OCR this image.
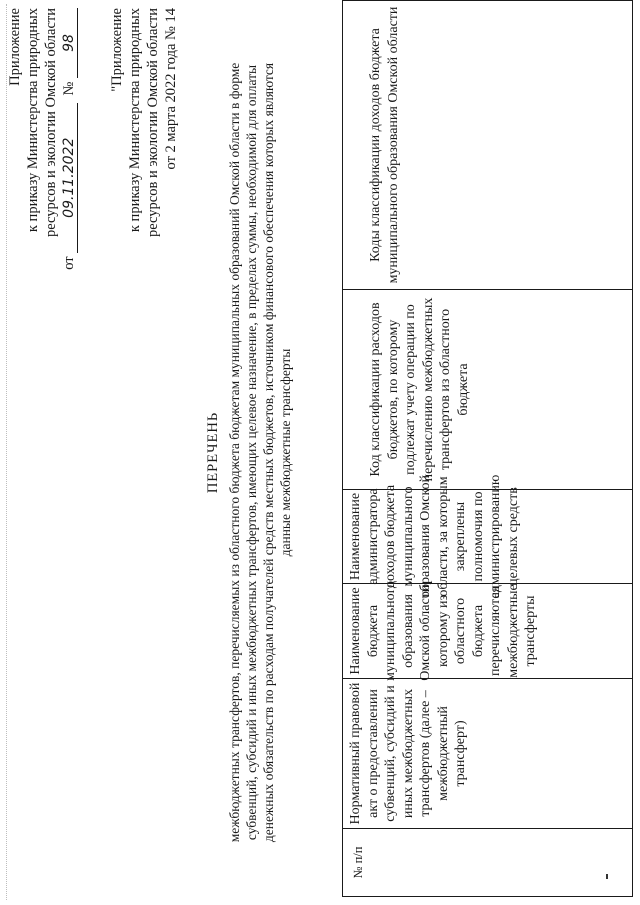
Приложение к приказу Министерства природных ресурсов и экологии Омской области
от 09.11.2022  № 98 "Приложение к приказу Министерства природных ресурсов и экологии Омской области от 2 марта 2022 года № 14
ПЕРЕЧЕНЬ межбюджетных трансфертов, перечисляемых из областного бюджета бюджетам муниципальных образований Омской области в форме субвенций, субсидий и иных межбюджетных трансфертов, имеющих целевое назначение, в пределах суммы, необходимой для оплаты денежных обязательств по расходам получателей средств местных бюджетов, источником финансового обеспечения которых являются данные межбюджетные трансферты
№ п/п
Нормативный правовой акт о предоставлении субвенций, субсидий и иных межбюджетных трансфертов (далее – межбюджетный трансферт)
Наименование бюджета муниципального образования Омской области, которому из областного бюджета перечисляются межбюджетные трансферты
Наименование администратора доходов бюджета муниципального образования Омской области, за которым закреплены полномочия по администрированию целевых средств
Код классификации расходов бюджетов, по которому подлежат учету операции по перечислению межбюджетных трансфертов из областного бюджета
Коды классификации доходов бюджета муниципального образования Омской области
